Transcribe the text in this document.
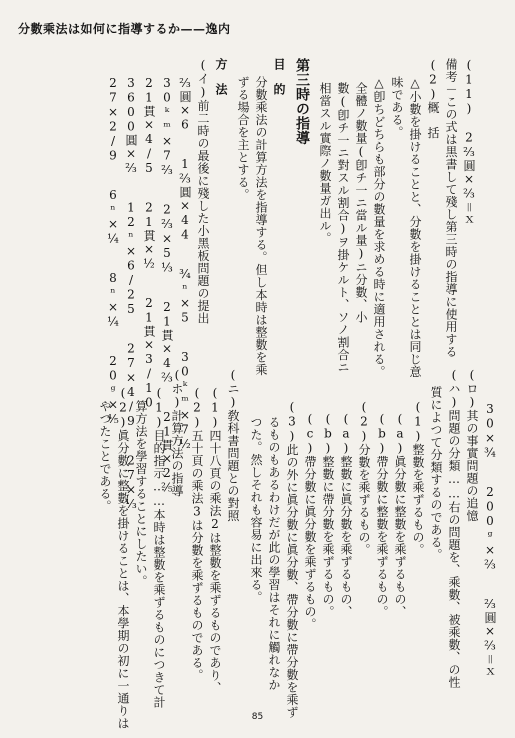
分數乘法は如何に指導するか——逸内
(11) 2⅔圓×⅔＝ｘ
備考－この式は黒書して殘し第三時の指導に使用する
(2)概　括
△小數を掛けることと、分數を掛けることとは同じ意
味である。
△卽ちどちらも部分の數量を求める時に適用される。
全體ノ數量(卽チ一ニ當ル量)ニ分數、小
數(卽チ一ニ對スル割合)ヲ掛ケルト、ソノ割合ニ
相當スル實際ノ數量ガ出ル。
第三時の指導
目　的
分數乘法の計算方法を指導する。但し本時は整數を乘
ずる場合を主とする。
方　法
(イ)前二時の最後に殘した小黑板問題の提出
⅔圓×6　　1⅔圓×44　　¾ⁿ×5　　30ᵏᵐ×7½
30ᵏᵐ×7⅔　　2⅔×5⅓　　21貫×4⅔　　21貫×2⅖
21貫×4/5　　21貫×½　　21貫×3/10
3600圓×⅔　　12ⁿ×6/25　　27×4/9　　27×⅓
27×2/9　　6ⁿ×¼　　8ⁿ×¼　　20ᵍ×⅘
30×¾　　200ᵍ×⅔　　⅔圓×⅔＝ｘ
(ロ)其の事實問題の追憶
(ハ)問題の分類……右の問題を、乘數、被乘數、の性
質によつて分類するのである。
(1)整數を乘ずるもの。
(a)眞分數に整數を乘ずるもの、
(b)帶分數に整數を乘ずるもの。
(2)分數を乘ずるもの。
(a)整數に眞分數を乘ずるもの、
(b)整數に帶分數を乘ずるもの。
(c)帶分數に眞分數を乘ずるもの。
(3)此の外に眞分數に眞分數、帶分數に帶分數を乘ず
るものもあるわけだが此の學習はそれに觸れなか
つた。然しそれも容易に出來る。
(ニ)敎科書問題との對照
(1)四十八頁の乘法2は整數を乘ずるものであり、
(2)五十頁の乘法3は分數を乘ずるものである。
(ホ)計算方法の指導
(1)目的指示……本時は整數を乘ずるものにつきて計
算方法を學習することにしたい。
(2)眞分數に整數を掛けることは、本學期の初に一通りは
やつたことである。
85
